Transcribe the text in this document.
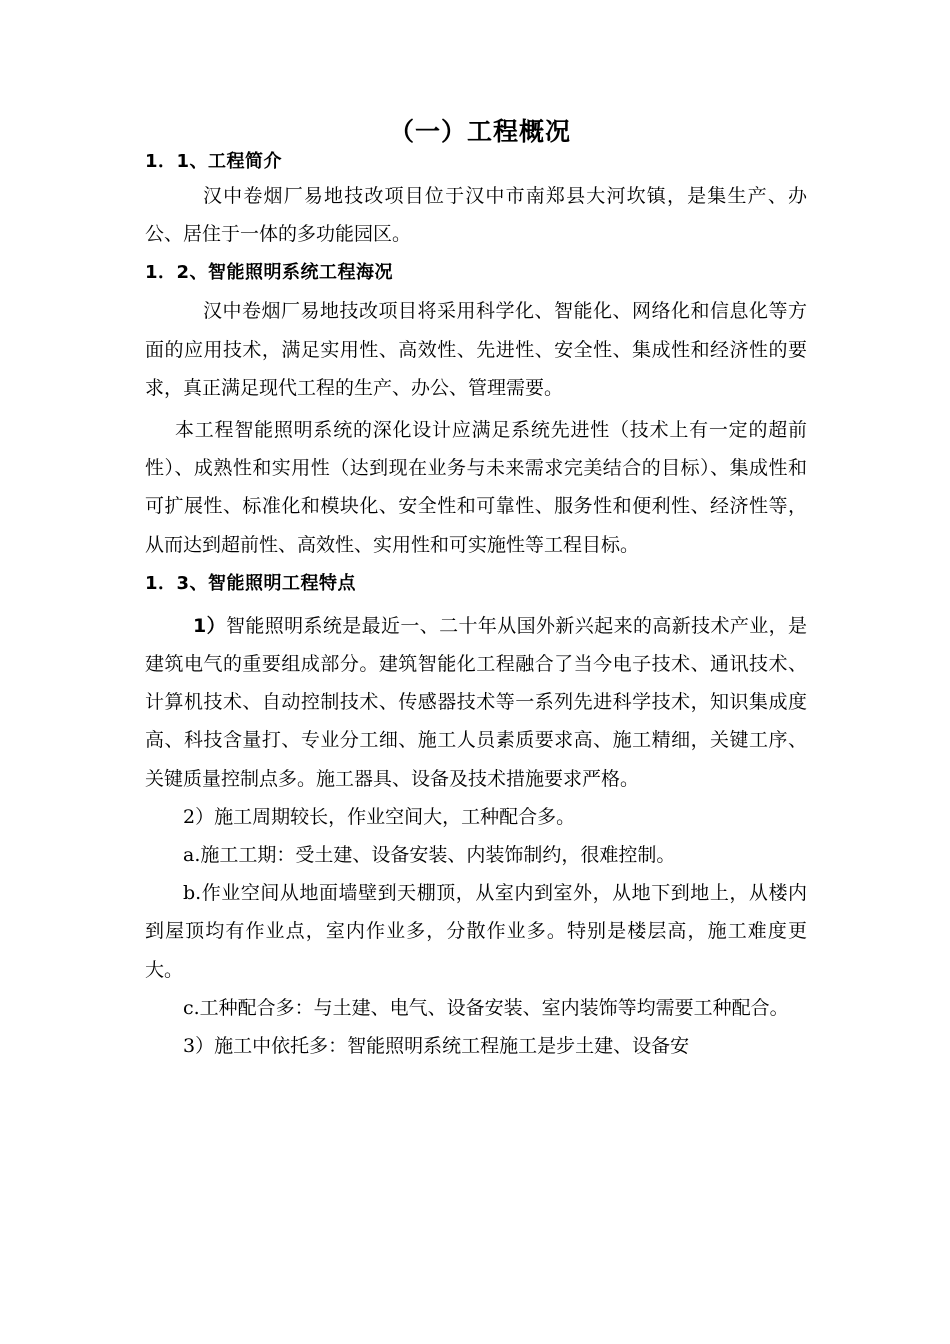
（一）工程概况
1．1、工程简介

汉中卷烟厂易地技改项目位于汉中市南郑县大河坎镇，是集生产、办公、居住于一体的多功能园区。

1．2、智能照明系统工程海况

汉中卷烟厂易地技改项目将采用科学化、智能化、网络化和信息化等方面的应用技术，满足实用性、高效性、先进性、安全性、集成性和经济性的要求，真正满足现代工程的生产、办公、管理需要。

本工程智能照明系统的深化设计应满足系统先进性（技术上有一定的超前性）、成熟性和实用性（达到现在业务与未来需求完美结合的目标）、集成性和可扩展性、标准化和模块化、安全性和可靠性、服务性和便利性、经济性等，从而达到超前性、高效性、实用性和可实施性等工程目标。

1．3、智能照明工程特点

1）智能照明系统是最近一、二十年从国外新兴起来的高新技术产业，是建筑电气的重要组成部分。建筑智能化工程融合了当今电子技术、通讯技术、计算机技术、自动控制技术、传感器技术等一系列先进科学技术，知识集成度高、科技含量打、专业分工细、施工人员素质要求高、施工精细，关键工序、关键质量控制点多。施工器具、设备及技术措施要求严格。

2）施工周期较长，作业空间大，工种配合多。

a.施工工期：受土建、设备安装、内装饰制约，很难控制。

b.作业空间从地面墙壁到天棚顶，从室内到室外，从地下到地上，从楼内到屋顶均有作业点，室内作业多，分散作业多。特别是楼层高，施工难度更大。

c.工种配合多：与土建、电气、设备安装、室内装饰等均需要工种配合。

3）施工中依托多：智能照明系统工程施工是步土建、设备安
